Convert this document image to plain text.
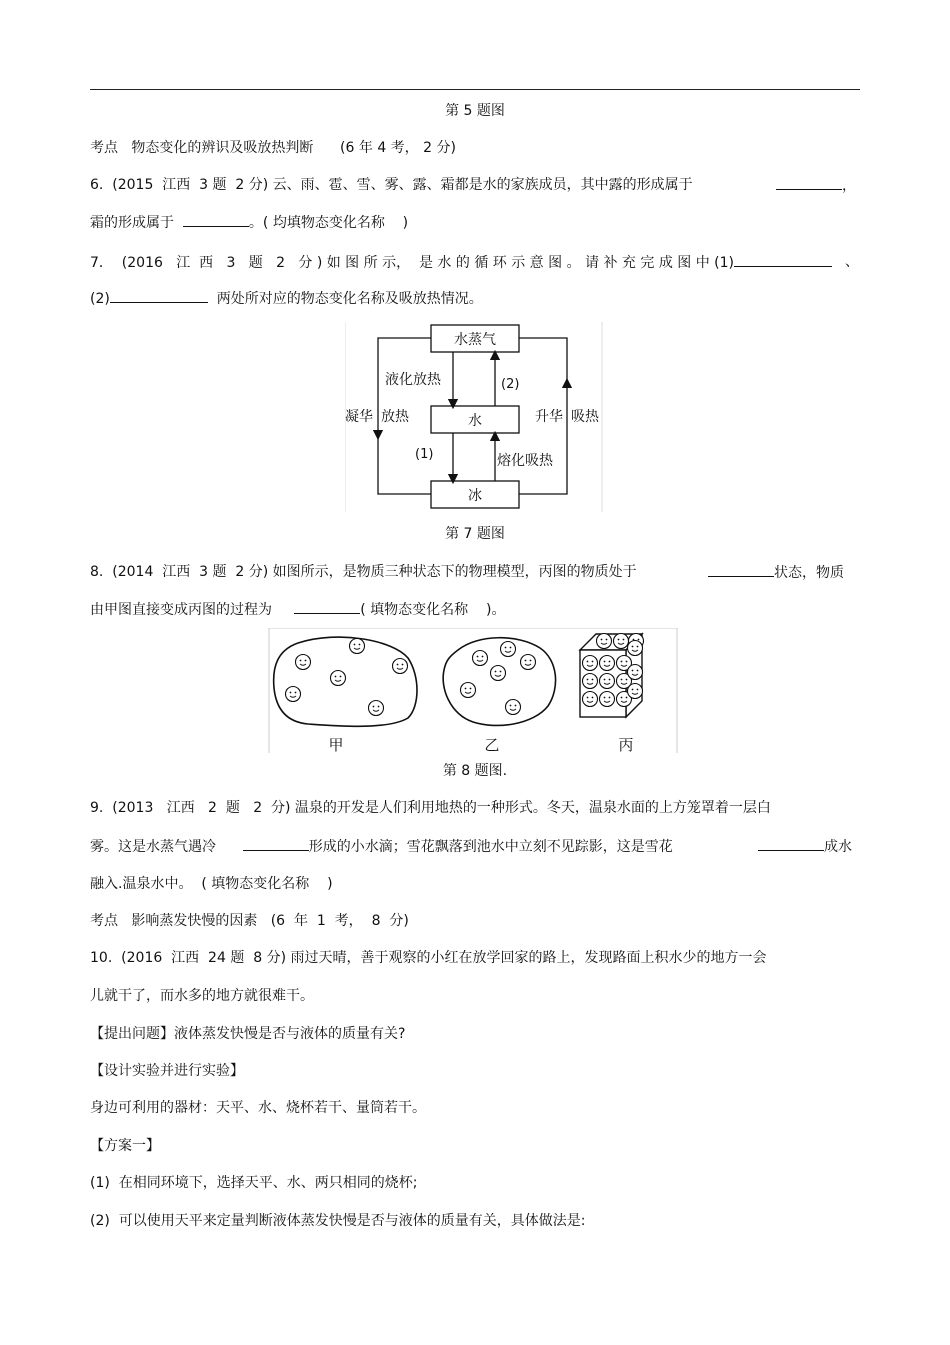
第 5 题图
考点   物态变化的辨识及吸放热判断      (6 年 4 考， 2 分)
6.  (2015  江西  3 题  2 分) 云、雨、雹、雪、雾、露、霜都是水的家族成员，其中露的形成属于	，
霜的形成属于	。( 均填物态变化名称    )
7．  (2016   江  西   3   题   2   分 ) 如 图 所 示，  是 水 的 循 环 示 意 图 。 请 补 充 完 成 图 中 (1)	、
(2)	两处所对应的物态变化名称及吸放热情况。
水蒸气
水
冰
液化放热	(2)
(1)	熔化吸热
凝华 放热	升华 吸热
第 7 题图
8.  (2014  江西  3 题  2 分) 如图所示，是物质三种状态下的物理模型，丙图的物质处于	状态，物质
由甲图直接变成丙图的过程为	( 填物态变化名称    )。
甲	乙	丙
第 8 题图.
9.  (2013   江西   2  题   2  分) 温泉的开发是人们利用地热的一种形式。冬天，温泉水面的上方笼罩着一层白
雾。这是水蒸气遇冷	形成的小水滴；雪花飘落到池水中立刻不见踪影，这是雪花	成水
融入.温泉水中。  ( 填物态变化名称    )
考点   影响蒸发快慢的因素   (6  年  1  考，  8  分)
10.  (2016  江西  24 题  8 分) 雨过天晴，善于观察的小红在放学回家的路上，发现路面上积水少的地方一会
儿就干了，而水多的地方就很难干。
【提出问题】液体蒸发快慢是否与液体的质量有关?
【设计实验并进行实验】
身边可利用的器材：天平、水、烧杯若干、量筒若干。
【方案一】
(1)  在相同环境下，选择天平、水、两只相同的烧杯;
(2)  可以使用天平来定量判断液体蒸发快慢是否与液体的质量有关，具体做法是:
